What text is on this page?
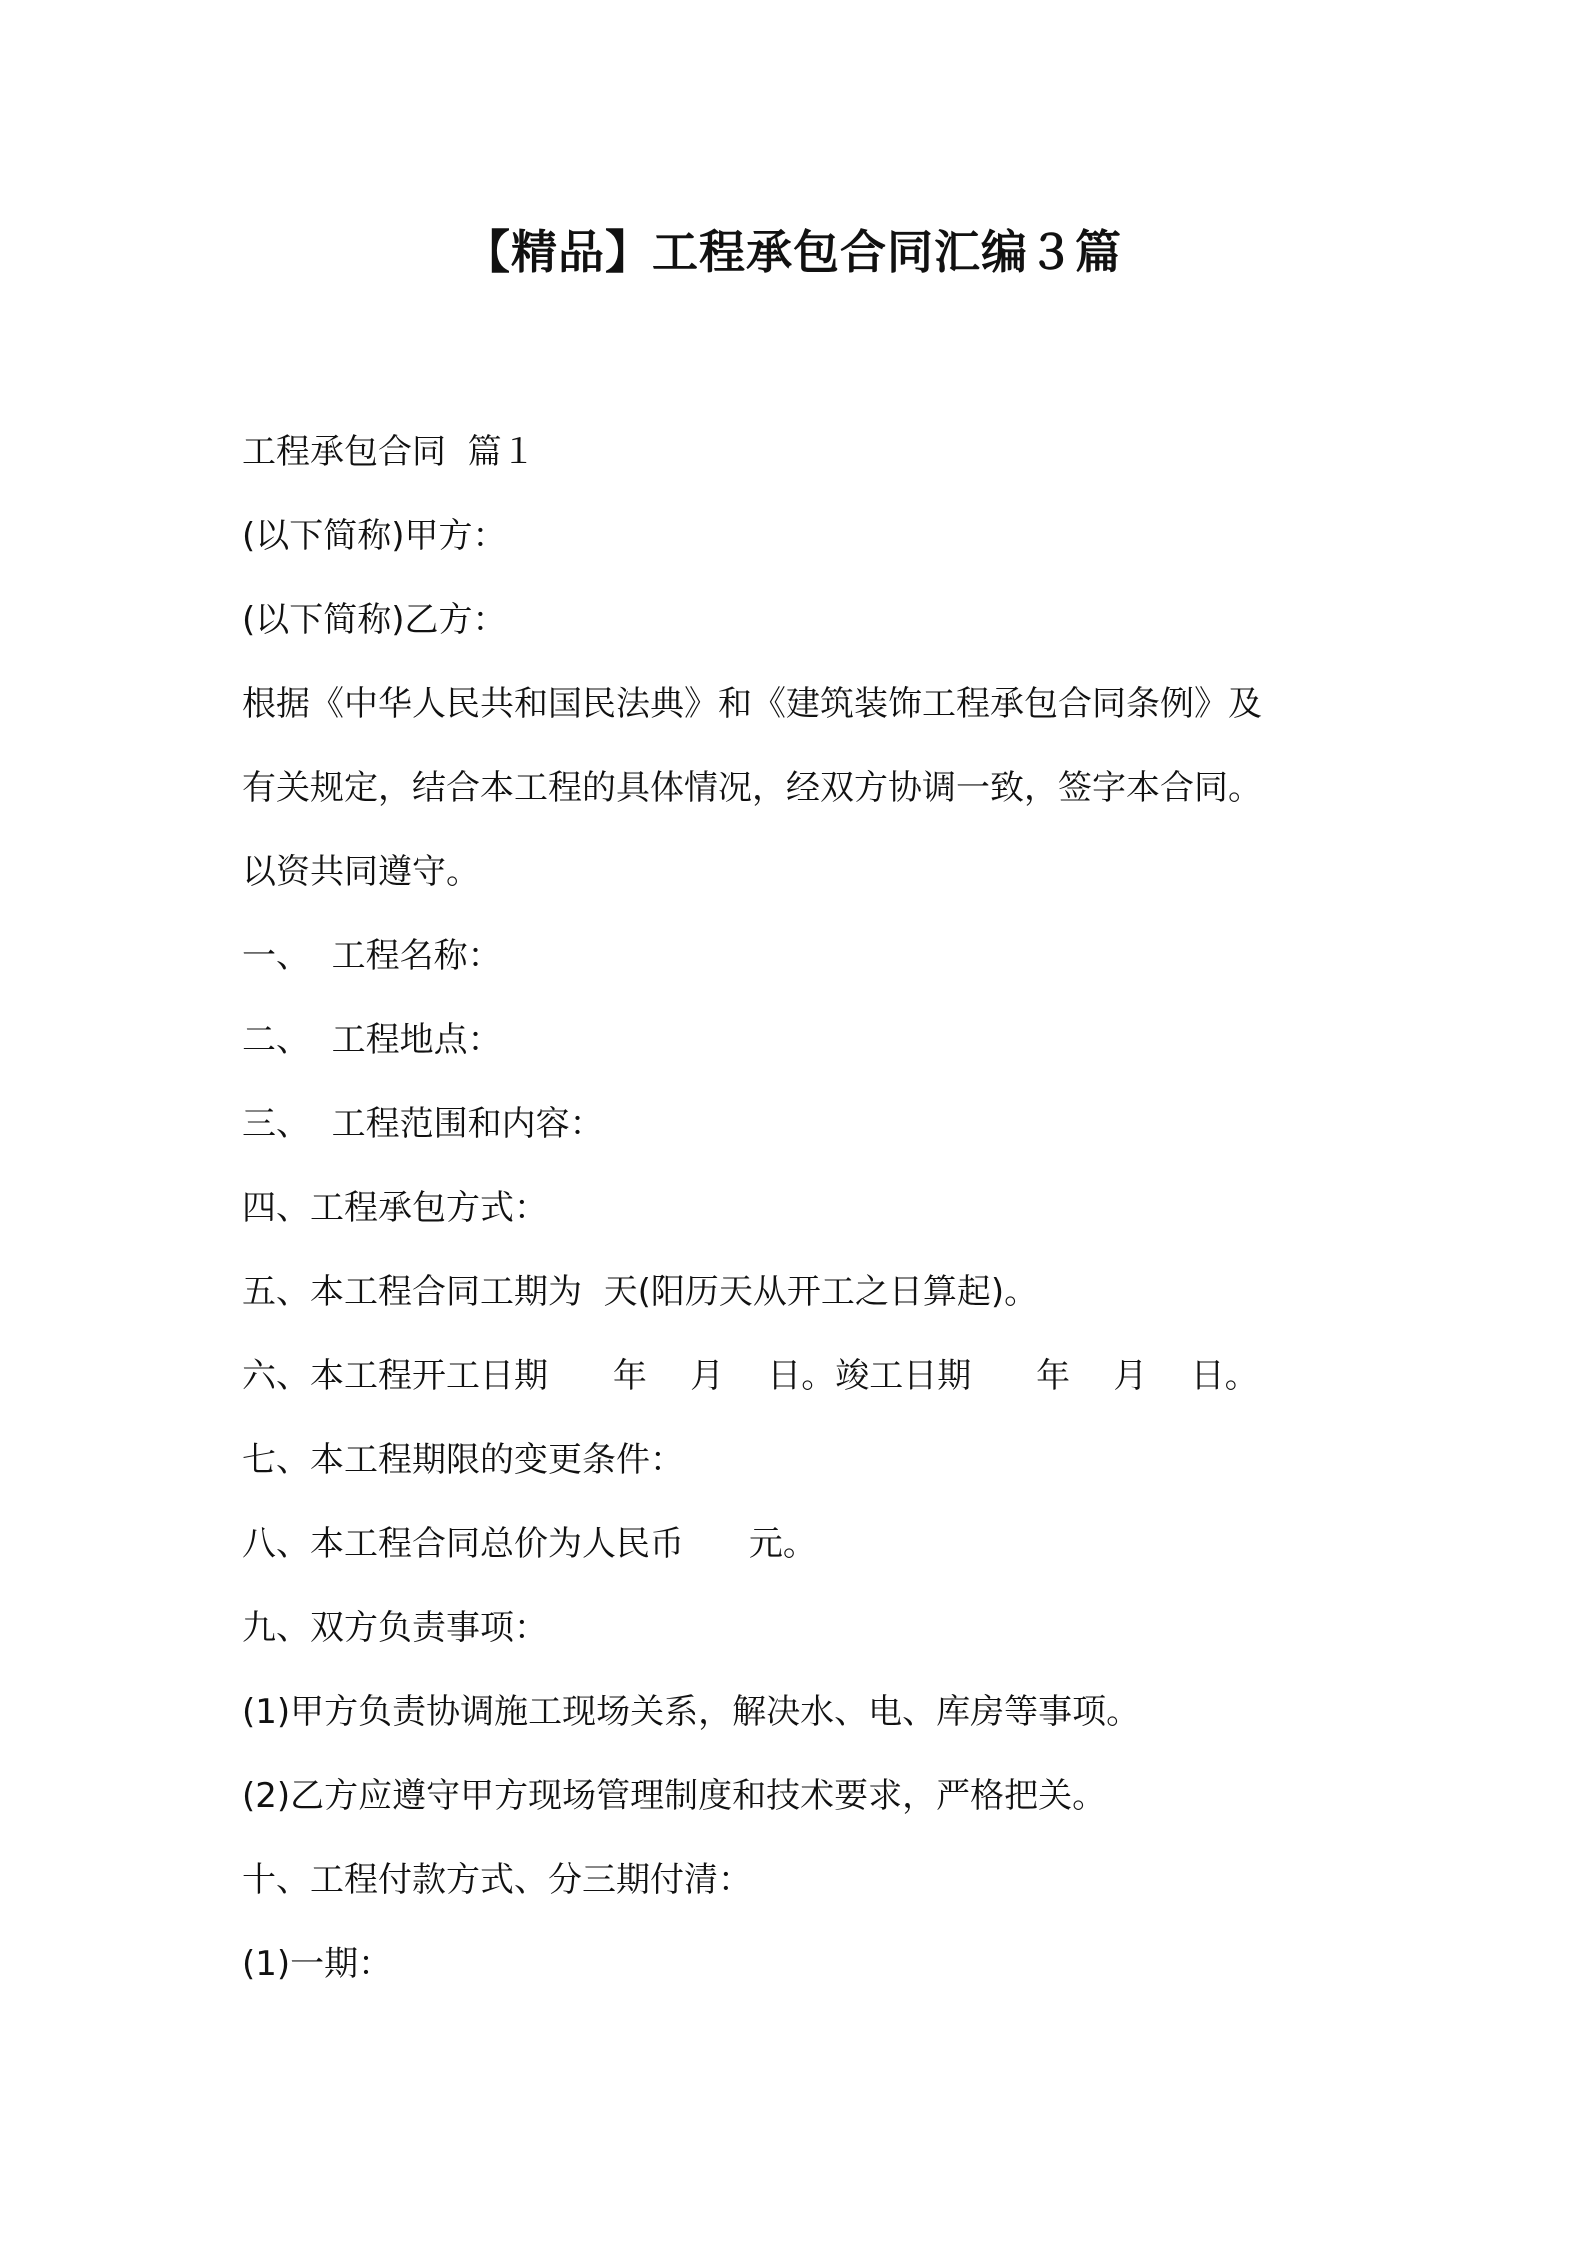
【精品】工程承包合同汇编３篇
工程承包合同  篇１
(以下简称)甲方：
(以下简称)乙方：
根据《中华人民共和国民法典》和《建筑装饰工程承包合同条例》及
有关规定，结合本工程的具体情况，经双方协调一致，签字本合同。
以资共同遵守。
一、  工程名称：
二、  工程地点：
三、  工程范围和内容：
四、工程承包方式：
五、本工程合同工期为  天(阳历天从开工之日算起)。
六、本工程开工日期      年    月    日。竣工日期      年    月    日。
七、本工程期限的变更条件：
八、本工程合同总价为人民币      元。
九、双方负责事项：
(1)甲方负责协调施工现场关系，解决水、电、库房等事项。
(2)乙方应遵守甲方现场管理制度和技术要求，严格把关。
十、工程付款方式、分三期付清：
(1)一期：
